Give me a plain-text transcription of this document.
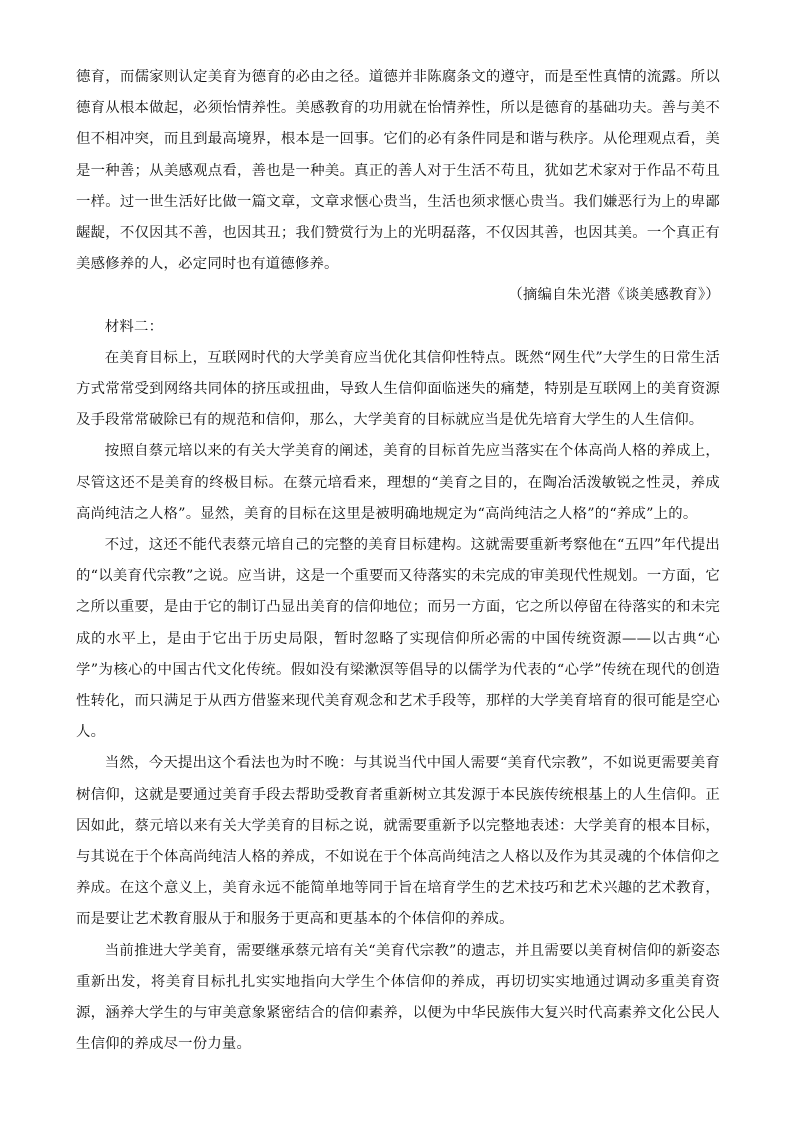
德育，而儒家则认定美育为德育的必由之径。道德并非陈腐条文的遵守，而是至性真情的流露。所以德育从根本做起，必须怡情养性。美感教育的功用就在怡情养性，所以是德育的基础功夫。善与美不但不相冲突，而且到最高境界，根本是一回事。它们的必有条件同是和谐与秩序。从伦理观点看，美是一种善；从美感观点看，善也是一种美。真正的善人对于生活不苟且，犹如艺术家对于作品不苟且一样。过一世生活好比做一篇文章，文章求惬心贵当，生活也须求惬心贵当。我们嫌恶行为上的卑鄙龌龊，不仅因其不善，也因其丑；我们赞赏行为上的光明磊落，不仅因其善，也因其美。一个真正有美感修养的人，必定同时也有道德修养。

（摘编自朱光潜《谈美感教育》）

材料二：

在美育目标上，互联网时代的大学美育应当优化其信仰性特点。既然“网生代”大学生的日常生活方式常常受到网络共同体的挤压或扭曲，导致人生信仰面临迷失的痛楚，特别是互联网上的美育资源及手段常常破除已有的规范和信仰，那么，大学美育的目标就应当是优先培育大学生的人生信仰。

按照自蔡元培以来的有关大学美育的阐述，美育的目标首先应当落实在个体高尚人格的养成上，尽管这还不是美育的终极目标。在蔡元培看来，理想的“美育之目的，在陶冶活泼敏锐之性灵，养成高尚纯洁之人格”。显然，美育的目标在这里是被明确地规定为“高尚纯洁之人格”的“养成”上的。

不过，这还不能代表蔡元培自己的完整的美育目标建构。这就需要重新考察他在“五四”年代提出的“以美育代宗教”之说。应当讲，这是一个重要而又待落实的未完成的审美现代性规划。一方面，它之所以重要，是由于它的制订凸显出美育的信仰地位；而另一方面，它之所以停留在待落实的和未完成的水平上，是由于它出于历史局限，暂时忽略了实现信仰所必需的中国传统资源——以古典“心学”为核心的中国古代文化传统。假如没有梁漱溟等倡导的以儒学为代表的“心学”传统在现代的创造性转化，而只满足于从西方借鉴来现代美育观念和艺术手段等，那样的大学美育培育的很可能是空心人。

当然，今天提出这个看法也为时不晚：与其说当代中国人需要“美育代宗教”，不如说更需要美育树信仰，这就是要通过美育手段去帮助受教育者重新树立其发源于本民族传统根基上的人生信仰。正因如此，蔡元培以来有关大学美育的目标之说，就需要重新予以完整地表述：大学美育的根本目标，与其说在于个体高尚纯洁人格的养成，不如说在于个体高尚纯洁之人格以及作为其灵魂的个体信仰之养成。在这个意义上，美育永远不能简单地等同于旨在培育学生的艺术技巧和艺术兴趣的艺术教育，而是要让艺术教育服从于和服务于更高和更基本的个体信仰的养成。

当前推进大学美育，需要继承蔡元培有关“美育代宗教”的遗志，并且需要以美育树信仰的新姿态重新出发，将美育目标扎扎实实地指向大学生个体信仰的养成，再切切实实地通过调动多重美育资源，涵养大学生的与审美意象紧密结合的信仰素养，以便为中华民族伟大复兴时代高素养文化公民人生信仰的养成尽一份力量。
